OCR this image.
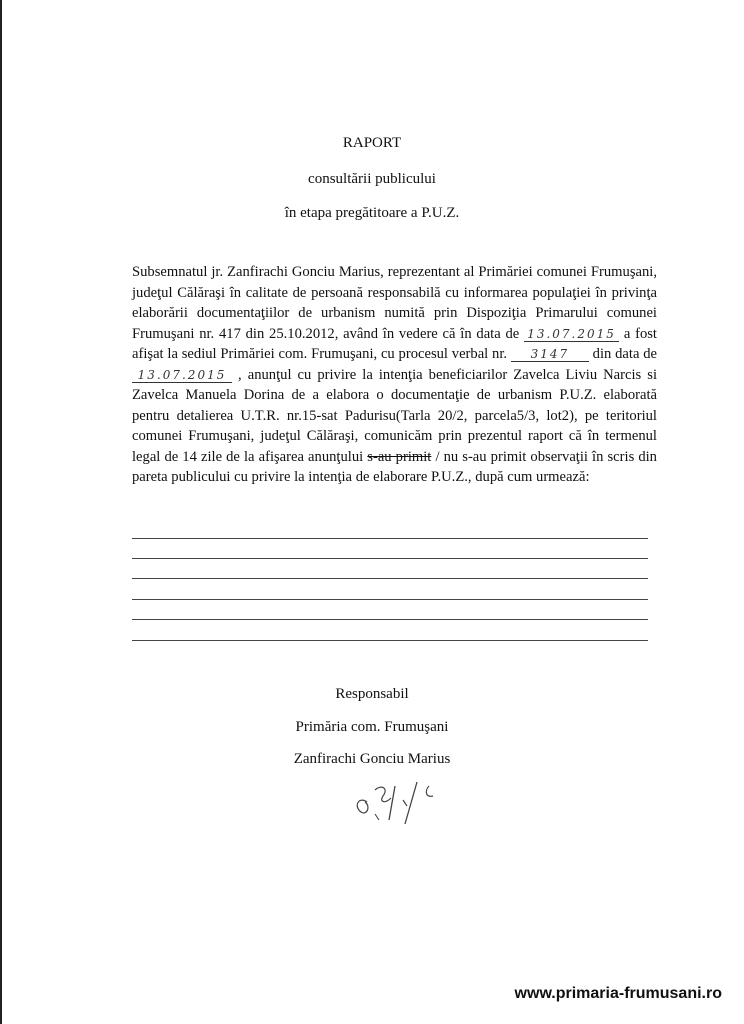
RAPORT
consultării publicului
în etapa pregătitoare a P.U.Z.

Subsemnatul jr. Zanfirachi Gonciu Marius, reprezentant al Primăriei comunei Frumuşani, judeţul Călăraşi în calitate de persoană responsabilă cu informarea populaţiei în privinţa elaborării documentaţiilor de urbanism numită prin Dispoziţia Primarului comunei Frumuşani nr. 417 din 25.10.2012, având în vedere că în data de 13.07.2015 a fost afişat la sediul Primăriei com. Frumuşani, cu procesul verbal nr. 3147 din data de 13.07.2015 , anunţul cu privire la intenţia beneficiarilor Zavelca Liviu Narcis si Zavelca Manuela Dorina de a elabora o documentaţie de urbanism P.U.Z. elaborată pentru detalierea U.T.R. nr.15-sat Padurisu(Tarla 20/2, parcela5/3, lot2), pe teritoriul comunei Frumuşani, judeţul Călăraşi, comunicăm prin prezentul raport că în termenul legal de 14 zile de la afişarea anunţului s-au primit / nu s-au primit observaţii în scris din pareta publicului cu privire la intenţia de elaborare P.U.Z., după cum urmează:

Responsabil
Primăria com. Frumuşani
Zanfirachi Gonciu Marius
www.primaria-frumusani.ro
